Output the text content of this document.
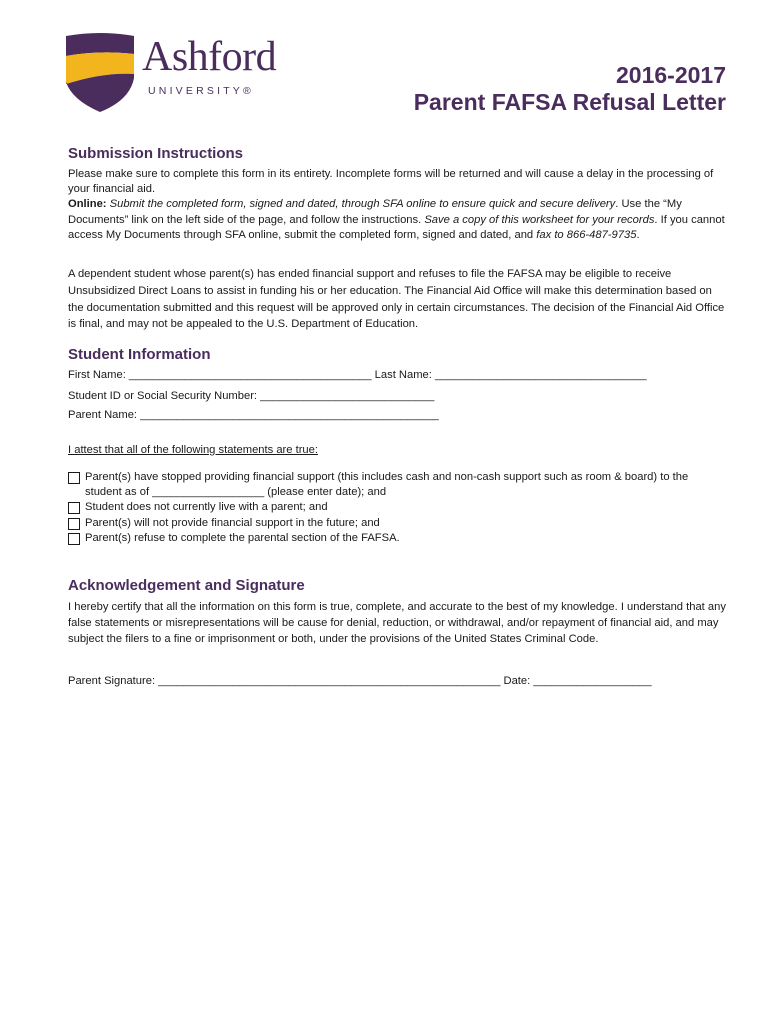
Ashford
UNIVERSITY®
2016-2017
Parent FAFSA Refusal Letter
Submission Instructions

Please make sure to complete this form in its entirety. Incomplete forms will be returned and will cause a delay in the processing of your financial aid.

Online: Submit the completed form, signed and dated, through SFA online to ensure quick and secure delivery. Use the “My Documents” link on the left side of the page, and follow the instructions. Save a copy of this worksheet for your records. If you cannot access My Documents through SFA online, submit the completed form, signed and dated, and fax to 866-487-9735.

A dependent student whose parent(s) has ended financial support and refuses to file the FAFSA may be eligible to receive Unsubsidized Direct Loans to assist in funding his or her education. The Financial Aid Office will make this determination based on the documentation submitted and this request will be approved only in certain circumstances. The decision of the Financial Aid Office is final, and may not be appealed to the U.S. Department of Education.
Student Information
First Name: _______________________________________ Last Name: __________________________________
Student ID or Social Security Number: ____________________________
Parent Name: ________________________________________________
I attest that all of the following statements are true:
Parent(s) have stopped providing financial support (this includes cash and non-cash support such as room & board) to the
student as of __________________ (please enter date); and
Student does not currently live with a parent; and
Parent(s) will not provide financial support in the future; and
Parent(s) refuse to complete the parental section of the FAFSA.
Acknowledgement and Signature
I hereby certify that all the information on this form is true, complete, and accurate to the best of my knowledge. I understand that any false statements or misrepresentations will be cause for denial, reduction, or withdrawal, and/or repayment of financial aid, and may subject the filers to a fine or imprisonment or both, under the provisions of the United States Criminal Code.
Parent Signature: _______________________________________________________ Date: ___________________
